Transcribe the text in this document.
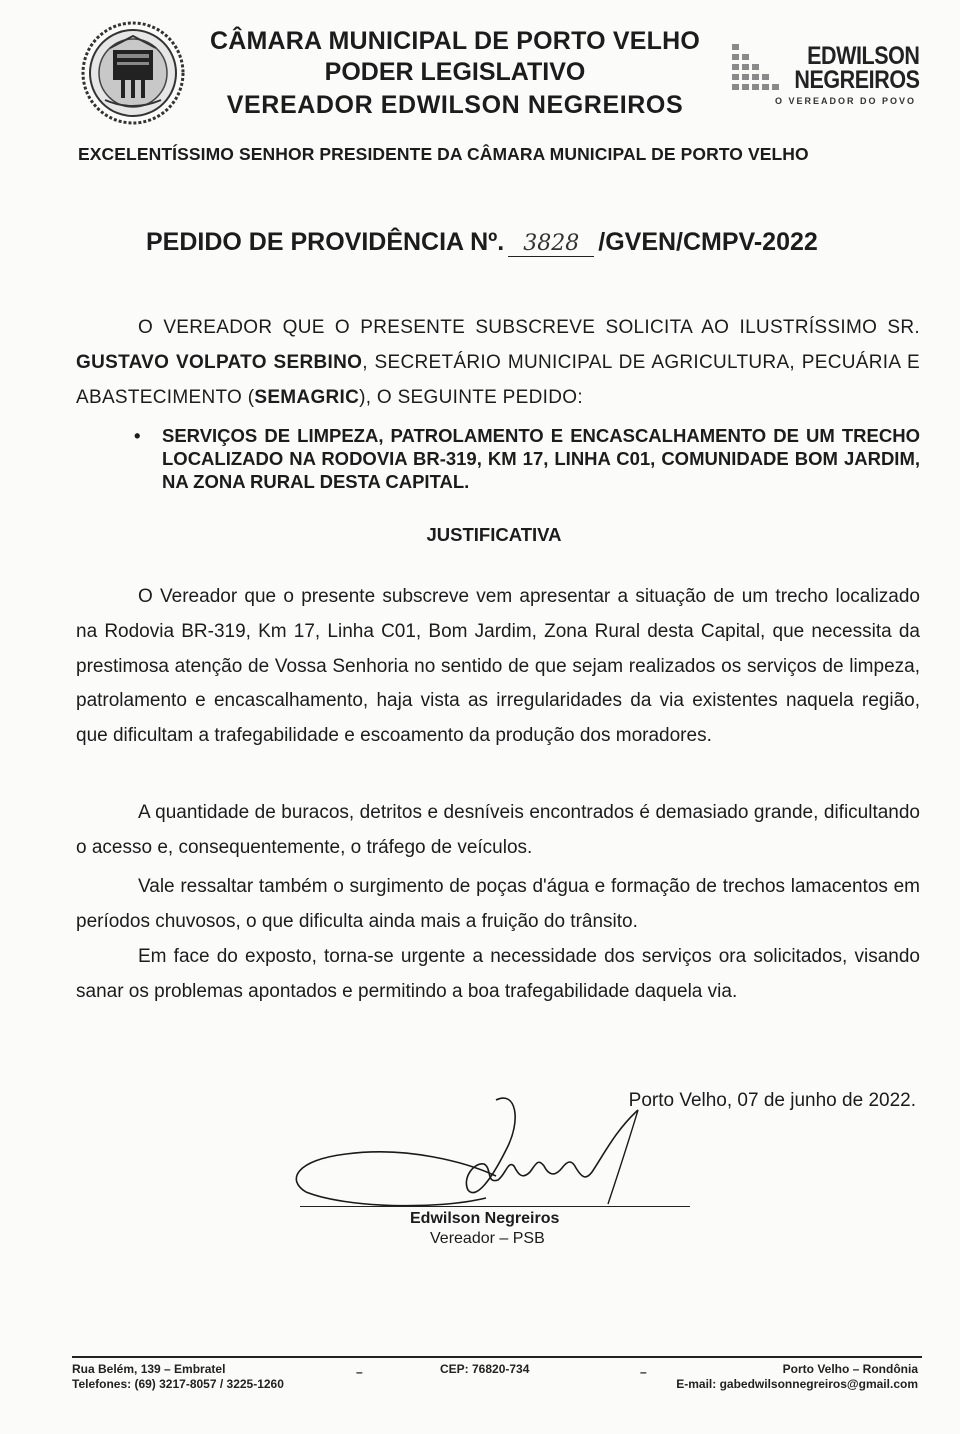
CÂMARA MUNICIPAL DE PORTO VELHO
PODER LEGISLATIVO
VEREADOR EDWILSON NEGREIROS
EDWILSON
NEGREIROS
O VEREADOR DO POVO
EXCELENTÍSSIMO SENHOR PRESIDENTE DA CÂMARA MUNICIPAL DE PORTO VELHO
PEDIDO DE PROVIDÊNCIA Nº. 3828 /GVEN/CMPV-2022
O VEREADOR QUE O PRESENTE SUBSCREVE SOLICITA AO ILUSTRÍSSIMO SR. GUSTAVO VOLPATO SERBINO, SECRETÁRIO MUNICIPAL DE AGRICULTURA, PECUÁRIA E ABASTECIMENTO (SEMAGRIC), O SEGUINTE PEDIDO:
•	SERVIÇOS DE LIMPEZA, PATROLAMENTO E ENCASCALHAMENTO DE UM TRECHO LOCALIZADO NA RODOVIA BR-319, KM 17, LINHA C01, COMUNIDADE BOM JARDIM, NA ZONA RURAL DESTA CAPITAL.
JUSTIFICATIVA
O Vereador que o presente subscreve vem apresentar a situação de um trecho localizado na Rodovia BR-319, Km 17, Linha C01, Bom Jardim, Zona Rural desta Capital, que necessita da prestimosa atenção de Vossa Senhoria no sentido de que sejam realizados os serviços de limpeza, patrolamento e encascalhamento, haja vista as irregularidades da via existentes naquela região, que dificultam a trafegabilidade e escoamento da produção dos moradores.
A quantidade de buracos, detritos e desníveis encontrados é demasiado grande, dificultando o acesso e, consequentemente, o tráfego de veículos.
Vale ressaltar também o surgimento de poças d'água e formação de trechos lamacentos em períodos chuvosos, o que dificulta ainda mais a fruição do trânsito.
Em face do exposto, torna-se urgente a necessidade dos serviços ora solicitados, visando sanar os problemas apontados e permitindo a boa trafegabilidade daquela via.
Porto Velho, 07 de junho de 2022.
Edwilson Negreiros
Vereador – PSB
Rua Belém, 139 – Embratel
Telefones: (69) 3217-8057 / 3225-1260
–	CEP: 76820-734	–	Porto Velho – Rondônia
E-mail: gabedwilsonnegreiros@gmail.com
